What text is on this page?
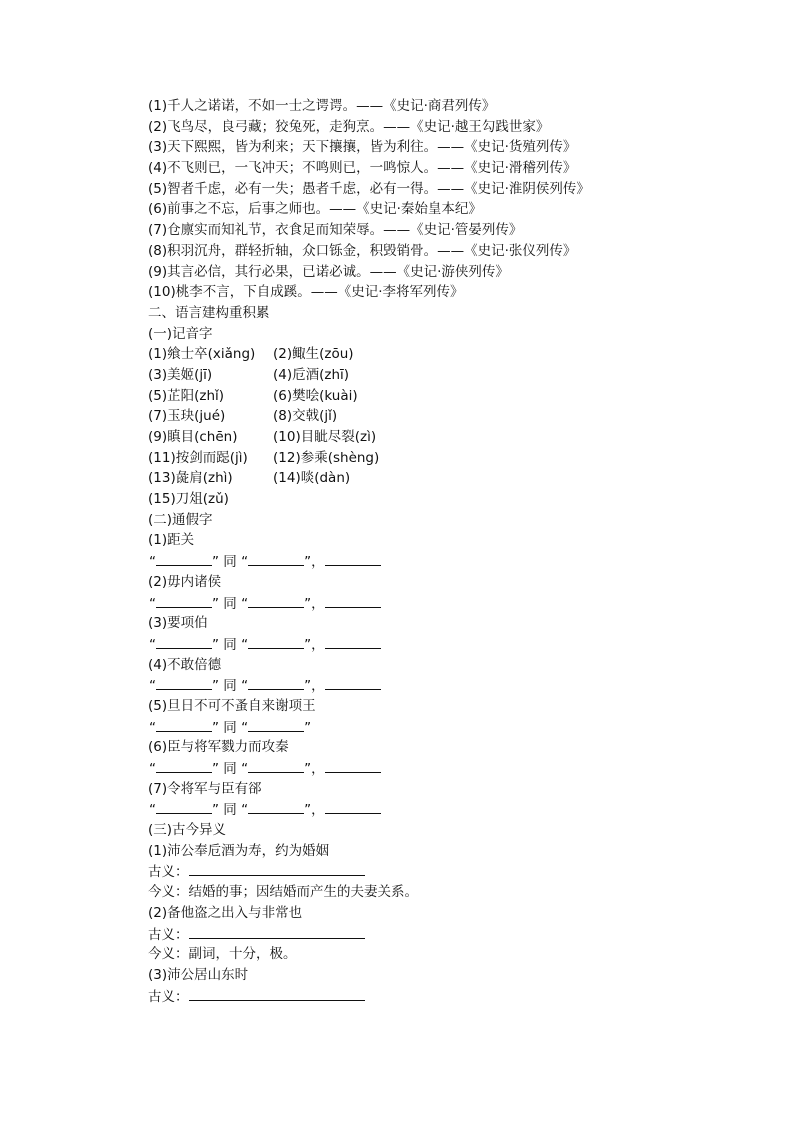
(1)千人之诺诺，不如一士之谔谔。——《史记·商君列传》
(2)飞鸟尽，良弓藏；狡兔死，走狗烹。——《史记·越王勾践世家》
(3)天下熙熙，皆为利来；天下攘攘，皆为利往。——《史记·货殖列传》
(4)不飞则已，一飞冲天；不鸣则已，一鸣惊人。——《史记·滑稽列传》
(5)智者千虑，必有一失；愚者千虑，必有一得。——《史记·淮阴侯列传》
(6)前事之不忘，后事之师也。——《史记·秦始皇本纪》
(7)仓廪实而知礼节，衣食足而知荣辱。——《史记·管晏列传》
(8)积羽沉舟，群轻折轴，众口铄金，积毁销骨。——《史记·张仪列传》
(9)其言必信，其行必果，已诺必诚。——《史记·游侠列传》
(10)桃李不言，下自成蹊。——《史记·李将军列传》
二、语言建构重积累
(一)记音字
(1)飨士卒(xiǎng)	(2)鲰生(zōu)
(3)美姬(jī)	(4)卮酒(zhī)
(5)芷阳(zhǐ)	(6)樊哙(kuài)
(7)玉玦(jué)	(8)交戟(jǐ)
(9)瞋目(chēn)	(10)目眦尽裂(zì)
(11)按剑而跽(jì)	(12)参乘(shèng)
(13)彘肩(zhì)	(14)啖(dàn)
(15)刀俎(zǔ)
(二)通假字
(1)距关
“	” 同 “	”，
(2)毋内诸侯
“	” 同 “	”，
(3)要项伯
“	” 同 “	”，
(4)不敢倍德
“	” 同 “	”，
(5)旦日不可不蚤自来谢项王
“	” 同 “	”
(6)臣与将军戮力而攻秦
“	” 同 “	”，
(7)令将军与臣有郤
“	” 同 “	”，
(三)古今异义
(1)沛公奉卮酒为寿，约为婚姻
古义：
今义：结婚的事；因结婚而产生的夫妻关系。
(2)备他盗之出入与非常也
古义：
今义：副词，十分，极。
(3)沛公居山东时
古义：
